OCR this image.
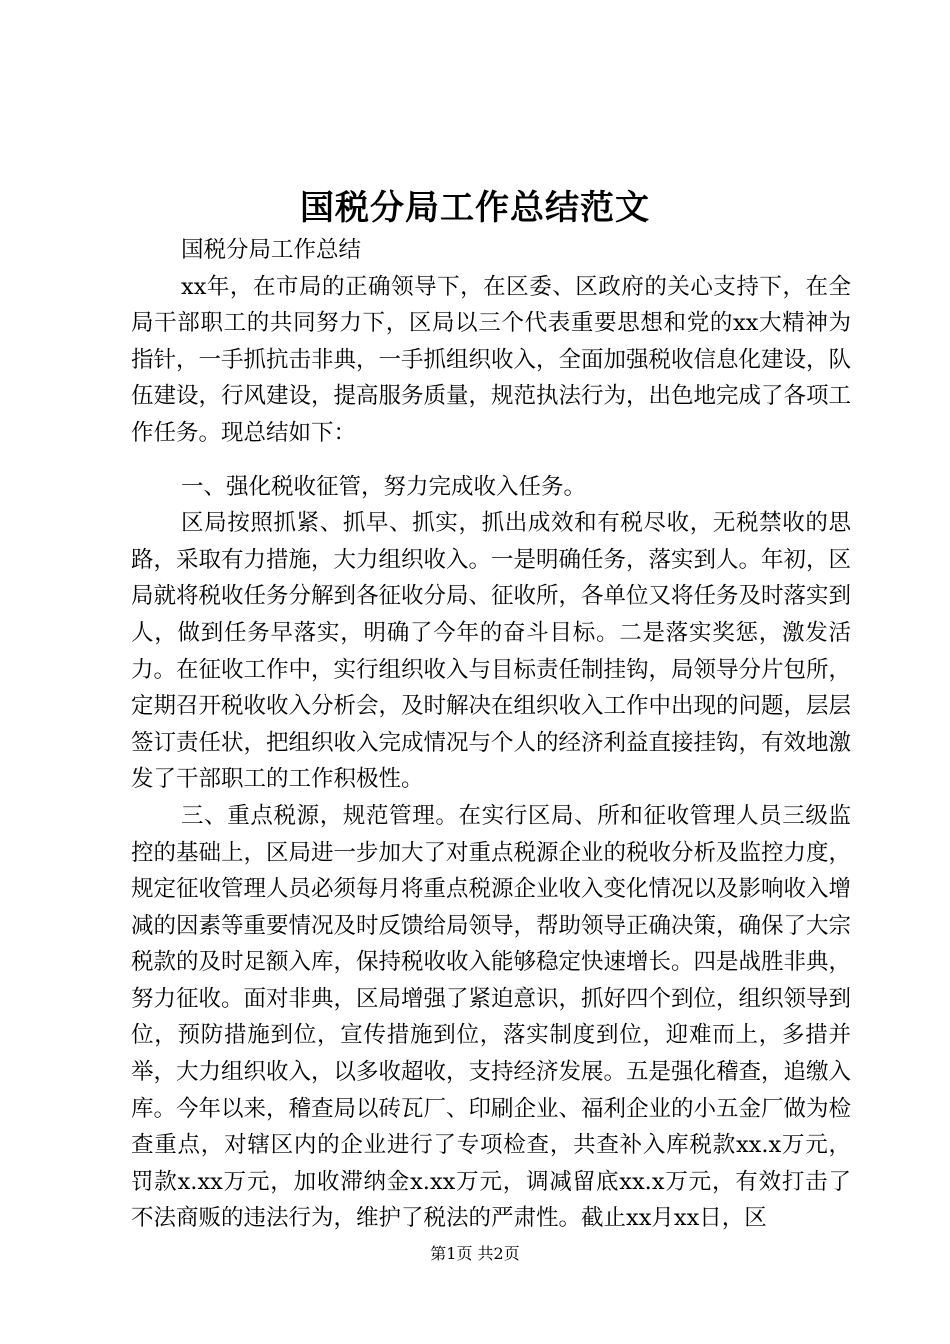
国税分局工作总结范文

国税分局工作总结

xx年，在市局的正确领导下，在区委、区政府的关心支持下，在全局干部职工的共同努力下，区局以三个代表重要思想和党的xx大精神为指针，一手抓抗击非典，一手抓组织收入，全面加强税收信息化建设，队伍建设，行风建设，提高服务质量，规范执法行为，出色地完成了各项工作任务。现总结如下：

一、强化税收征管，努力完成收入任务。

区局按照抓紧、抓早、抓实，抓出成效和有税尽收，无税禁收的思路，采取有力措施，大力组织收入。一是明确任务，落实到人。年初，区局就将税收任务分解到各征收分局、征收所，各单位又将任务及时落实到人，做到任务早落实，明确了今年的奋斗目标。二是落实奖惩，激发活力。在征收工作中，实行组织收入与目标责任制挂钩，局领导分片包所，定期召开税收收入分析会，及时解决在组织收入工作中出现的问题，层层签订责任状，把组织收入完成情况与个人的经济利益直接挂钩，有效地激发了干部职工的工作积极性。

三、重点税源，规范管理。在实行区局、所和征收管理人员三级监控的基础上，区局进一步加大了对重点税源企业的税收分析及监控力度，规定征收管理人员必须每月将重点税源企业收入变化情况以及影响收入增减的因素等重要情况及时反馈给局领导，帮助领导正确决策，确保了大宗税款的及时足额入库，保持税收收入能够稳定快速增长。四是战胜非典，努力征收。面对非典，区局增强了紧迫意识，抓好四个到位，组织领导到位，预防措施到位，宣传措施到位，落实制度到位，迎难而上，多措并举，大力组织收入，以多收超收，支持经济发展。五是强化稽查，追缴入库。今年以来，稽查局以砖瓦厂、印刷企业、福利企业的小五金厂做为检查重点，对辖区内的企业进行了专项检查，共查补入库税款xx.x万元，罚款x.xx万元，加收滞纳金x.xx万元，调减留底xx.x万元，有效打击了不法商贩的违法行为，维护了税法的严肃性。截止xx月xx日，区

第1页 共2页
